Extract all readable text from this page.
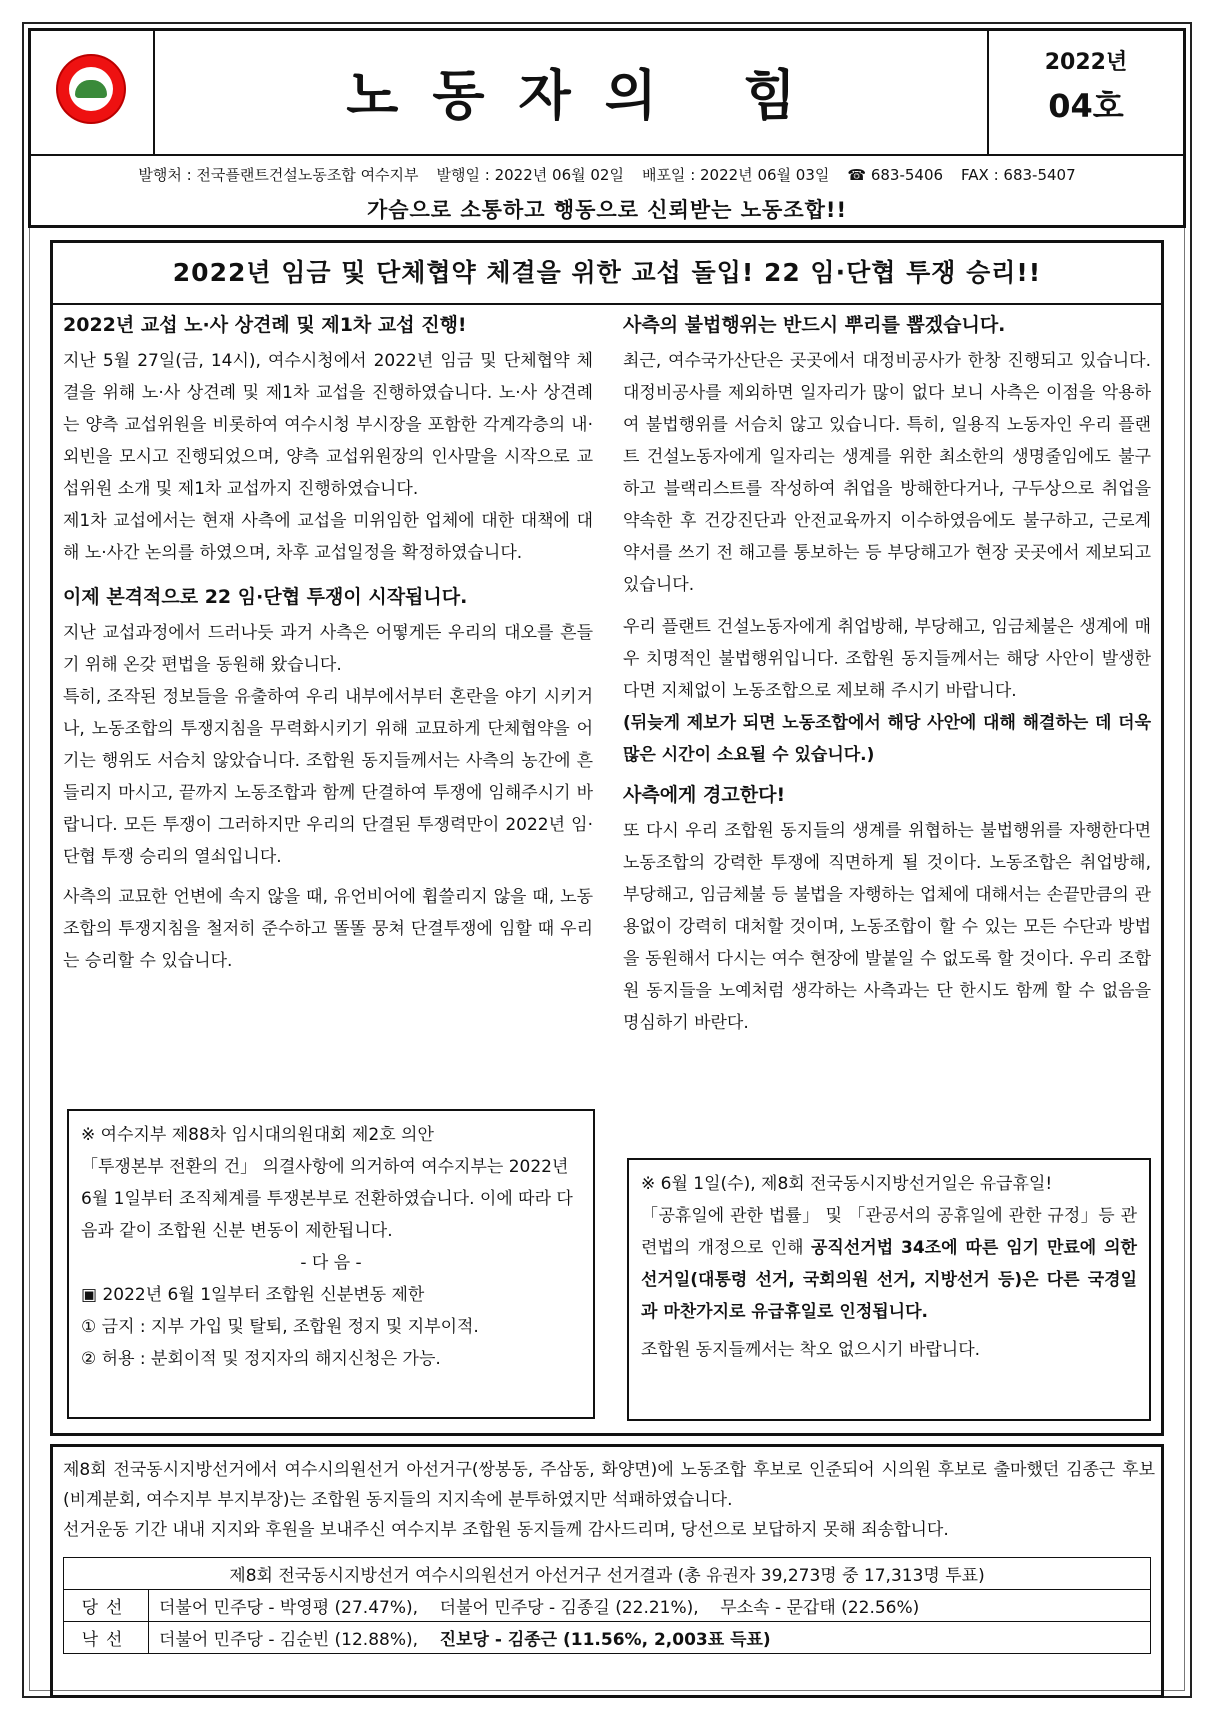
노동자의 힘
2022년
04호
발행처 : 전국플랜트건설노동조합 여수지부 발행일 : 2022년 06월 02일 배포일 : 2022년 06월 03일 ☎ 683-5406 FAX : 683-5407
가슴으로 소통하고 행동으로 신뢰받는 노동조합!!
2022년 임금 및 단체협약 체결을 위한 교섭 돌입! 22 임·단협 투쟁 승리!!
2022년 교섭 노·사 상견례 및 제1차 교섭 진행!

지난 5월 27일(금, 14시), 여수시청에서 2022년 임금 및 단체협약 체결을 위해 노·사 상견례 및 제1차 교섭을 진행하였습니다. 노·사 상견례는 양측 교섭위원을 비롯하여 여수시청 부시장을 포함한 각계각층의 내·외빈을 모시고 진행되었으며, 양측 교섭위원장의 인사말을 시작으로 교섭위원 소개 및 제1차 교섭까지 진행하였습니다.

제1차 교섭에서는 현재 사측에 교섭을 미위임한 업체에 대한 대책에 대해 노·사간 논의를 하였으며, 차후 교섭일정을 확정하였습니다.

이제 본격적으로 22 임·단협 투쟁이 시작됩니다.

지난 교섭과정에서 드러나듯 과거 사측은 어떻게든 우리의 대오를 흔들기 위해 온갖 편법을 동원해 왔습니다.

특히, 조작된 정보들을 유출하여 우리 내부에서부터 혼란을 야기 시키거나, 노동조합의 투쟁지침을 무력화시키기 위해 교묘하게 단체협약을 어기는 행위도 서슴치 않았습니다. 조합원 동지들께서는 사측의 농간에 흔들리지 마시고, 끝까지 노동조합과 함께 단결하여 투쟁에 임해주시기 바랍니다. 모든 투쟁이 그러하지만 우리의 단결된 투쟁력만이 2022년 임·단협 투쟁 승리의 열쇠입니다.

사측의 교묘한 언변에 속지 않을 때, 유언비어에 휩쓸리지 않을 때, 노동조합의 투쟁지침을 철저히 준수하고 똘똘 뭉쳐 단결투쟁에 임할 때 우리는 승리할 수 있습니다.

※ 여수지부 제88차 임시대의원대회 제2호 의안
「투쟁본부 전환의 건」 의결사항에 의거하여 여수지부는 2022년 6월 1일부터 조직체계를 투쟁본부로 전환하였습니다. 이에 따라 다음과 같이 조합원 신분 변동이 제한됩니다.
- 다 음 -
▣ 2022년 6월 1일부터 조합원 신분변동 제한
① 금지 : 지부 가입 및 탈퇴, 조합원 정지 및 지부이적.
② 허용 : 분회이적 및 정지자의 해지신청은 가능.
사측의 불법행위는 반드시 뿌리를 뽑겠습니다.

최근, 여수국가산단은 곳곳에서 대정비공사가 한창 진행되고 있습니다. 대정비공사를 제외하면 일자리가 많이 없다 보니 사측은 이점을 악용하여 불법행위를 서슴치 않고 있습니다. 특히, 일용직 노동자인 우리 플랜트 건설노동자에게 일자리는 생계를 위한 최소한의 생명줄임에도 불구하고 블랙리스트를 작성하여 취업을 방해한다거나, 구두상으로 취업을 약속한 후 건강진단과 안전교육까지 이수하였음에도 불구하고, 근로계약서를 쓰기 전 해고를 통보하는 등 부당해고가 현장 곳곳에서 제보되고 있습니다.

우리 플랜트 건설노동자에게 취업방해, 부당해고, 임금체불은 생계에 매우 치명적인 불법행위입니다. 조합원 동지들께서는 해당 사안이 발생한다면 지체없이 노동조합으로 제보해 주시기 바랍니다.

(뒤늦게 제보가 되면 노동조합에서 해당 사안에 대해 해결하는 데 더욱 많은 시간이 소요될 수 있습니다.)

사측에게 경고한다!

또 다시 우리 조합원 동지들의 생계를 위협하는 불법행위를 자행한다면 노동조합의 강력한 투쟁에 직면하게 될 것이다. 노동조합은 취업방해, 부당해고, 임금체불 등 불법을 자행하는 업체에 대해서는 손끝만큼의 관용없이 강력히 대처할 것이며, 노동조합이 할 수 있는 모든 수단과 방법을 동원해서 다시는 여수 현장에 발붙일 수 없도록 할 것이다. 우리 조합원 동지들을 노예처럼 생각하는 사측과는 단 한시도 함께 할 수 없음을 명심하기 바란다.

※ 6월 1일(수), 제8회 전국동시지방선거일은 유급휴일!
「공휴일에 관한 법률」 및 「관공서의 공휴일에 관한 규정」등 관련법의 개정으로 인해 공직선거법 34조에 따른 임기 만료에 의한 선거일(대통령 선거, 국회의원 선거, 지방선거 등)은 다른 국경일과 마찬가지로 유급휴일로 인정됩니다.
조합원 동지들께서는 착오 없으시기 바랍니다.
제8회 전국동시지방선거에서 여수시의원선거 아선거구(쌍봉동, 주삼동, 화양면)에 노동조합 후보로 인준되어 시의원 후보로 출마했던 김종근 후보(비계분회, 여수지부 부지부장)는 조합원 동지들의 지지속에 분투하였지만 석패하였습니다.
선거운동 기간 내내 지지와 후원을 보내주신 여수지부 조합원 동지들께 감사드리며, 당선으로 보답하지 못해 죄송합니다.
제8회 전국동시지방선거 여수시의원선거 아선거구 선거결과 (총 유권자 39,273명 중 17,313명 투표)	
당선	더불어 민주당 - 박영평 (27.47%),    더불어 민주당 - 김종길 (22.21%),    무소속 - 문갑태 (22.56%)
낙선	더불어 민주당 - 김순빈 (12.88%),    진보당 - 김종근 (11.56%, 2,003표 득표)
